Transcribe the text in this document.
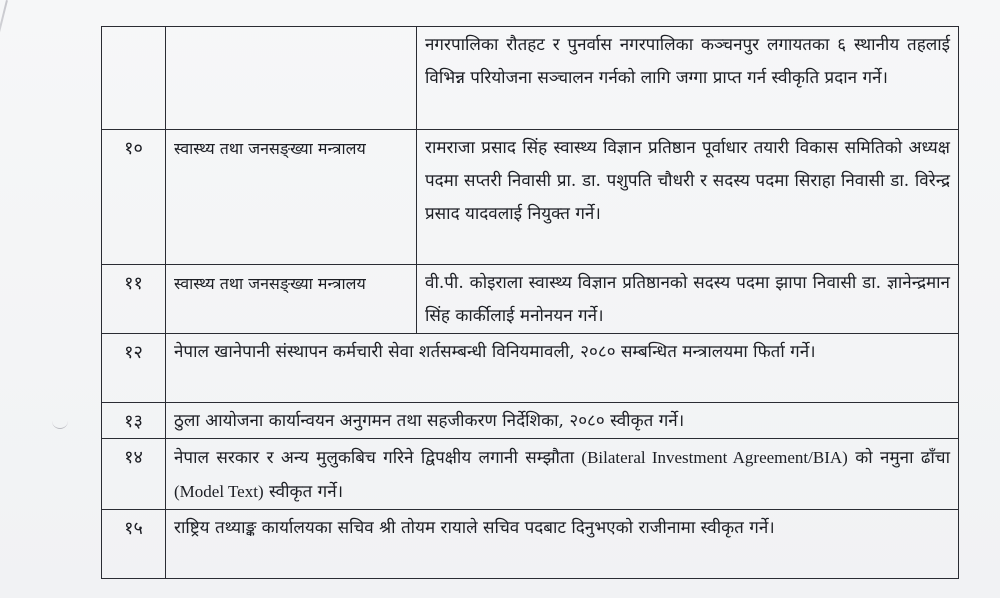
		नगरपालिका रौतहट र पुनर्वास नगरपालिका कञ्चनपुर लगायतका ६ स्थानीय तहलाई विभिन्न परियोजना सञ्चालन गर्नको लागि जग्गा प्राप्त गर्न स्वीकृति प्रदान गर्ने।
१०	स्वास्थ्य तथा जनसङ्ख्या मन्त्रालय	रामराजा प्रसाद सिंह स्वास्थ्य विज्ञान प्रतिष्ठान पूर्वाधार तयारी विकास समितिको अध्यक्ष पदमा सप्तरी निवासी प्रा. डा. पशुपति चौधरी र सदस्य पदमा सिराहा निवासी डा. विरेन्द्र प्रसाद यादवलाई नियुक्त गर्ने।
११	स्वास्थ्य तथा जनसङ्ख्या मन्त्रालय	वी.पी. कोइराला स्वास्थ्य विज्ञान प्रतिष्ठानको सदस्य पदमा झापा निवासी डा. ज्ञानेन्द्रमान सिंह कार्कीलाई मनोनयन गर्ने।
१२	नेपाल खानेपानी संस्थापन कर्मचारी सेवा शर्तसम्बन्धी विनियमावली, २०८० सम्बन्धित मन्त्रालयमा फिर्ता गर्ने।	
१३	ठुला आयोजना कार्यान्वयन अनुगमन तथा सहजीकरण निर्देशिका, २०८० स्वीकृत गर्ने।	
१४	नेपाल सरकार र अन्य मुलुकबिच गरिने द्विपक्षीय लगानी सम्झौता (Bilateral Investment Agreement/BIA) को नमुना ढाँचा (Model Text) स्वीकृत गर्ने।	
१५	राष्ट्रिय तथ्याङ्क कार्यालयका सचिव श्री तोयम रायाले सचिव पदबाट दिनुभएको राजीनामा स्वीकृत गर्ने।	
